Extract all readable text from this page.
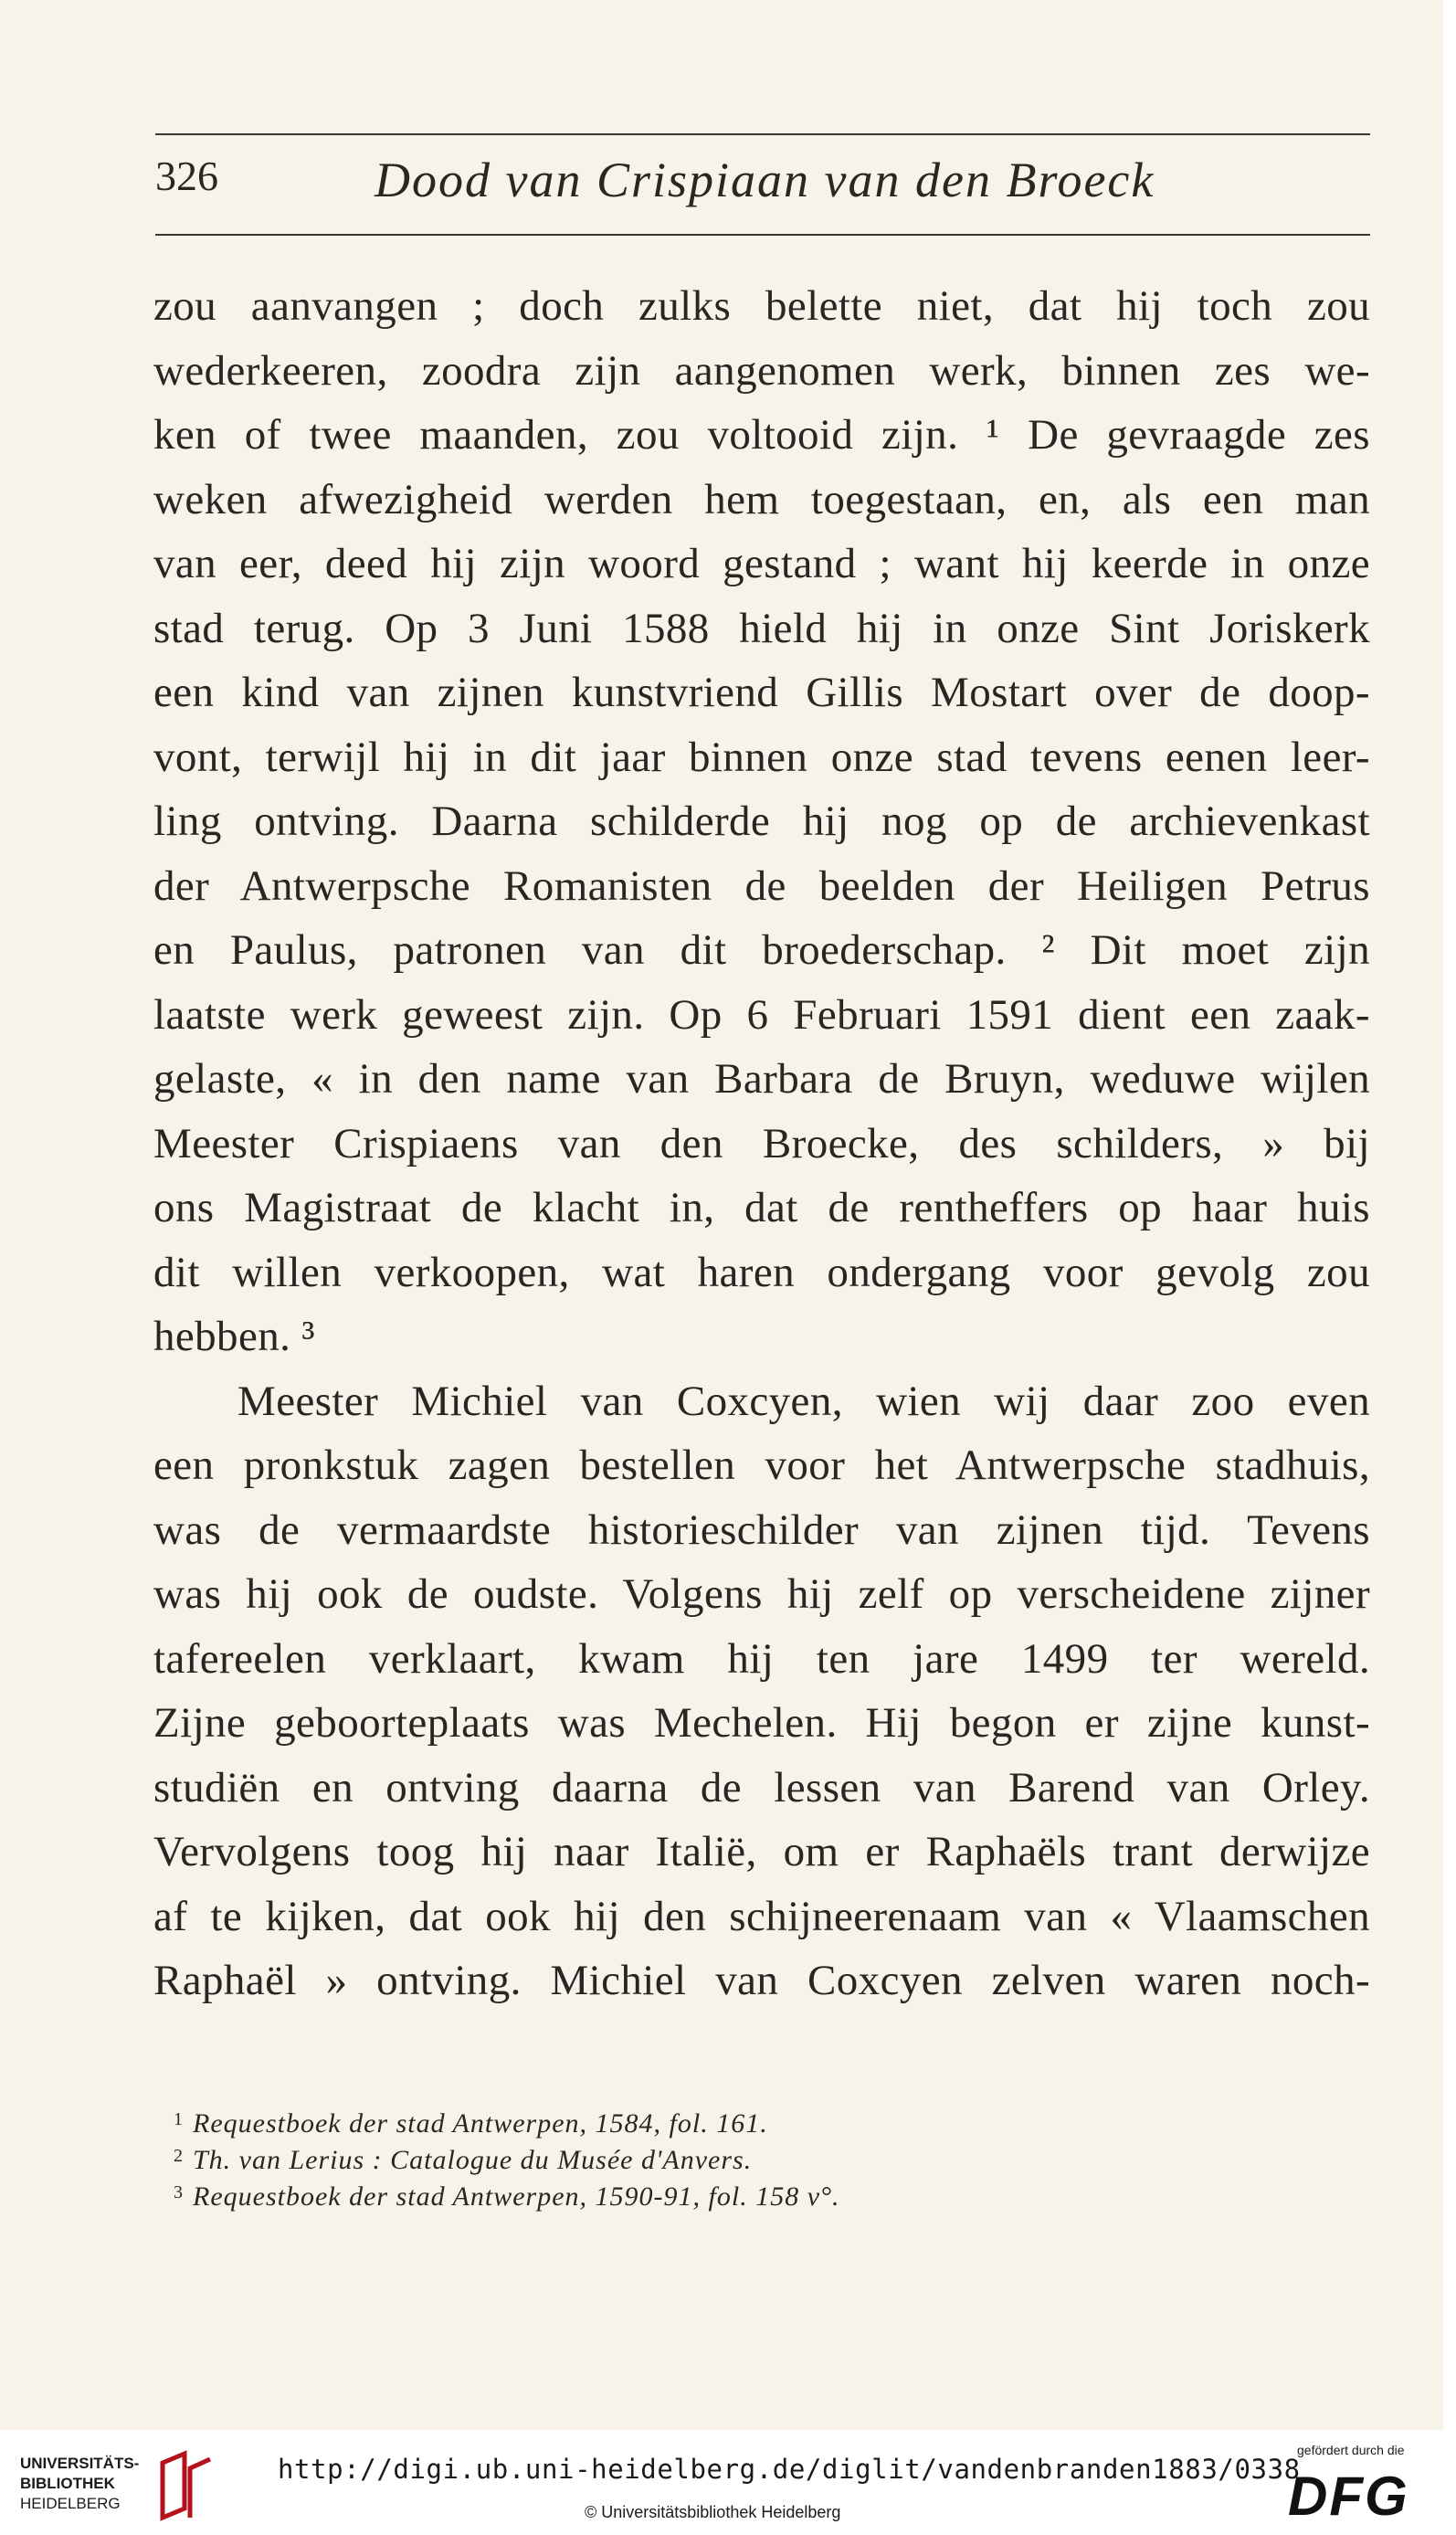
326	Dood van Crispiaan van den Broeck
zou aanvangen ; doch zulks belette niet, dat hij toch zou
wederkeeren, zoodra zijn aangenomen werk, binnen zes we-
ken of twee maanden, zou voltooid zijn. ¹ De gevraagde zes
weken afwezigheid werden hem toegestaan, en, als een man
van eer, deed hij zijn woord gestand ; want hij keerde in onze
stad terug. Op 3 Juni 1588 hield hij in onze Sint Joriskerk
een kind van zijnen kunstvriend Gillis Mostart over de doop-
vont, terwijl hij in dit jaar binnen onze stad tevens eenen leer-
ling ontving. Daarna schilderde hij nog op de archievenkast
der Antwerpsche Romanisten de beelden der Heiligen Petrus
en Paulus, patronen van dit broederschap. ² Dit moet zijn
laatste werk geweest zijn. Op 6 Februari 1591 dient een zaak-
gelaste, « in den name van Barbara de Bruyn, weduwe wijlen
Meester Crispiaens van den Broecke, des schilders, » bij
ons Magistraat de klacht in, dat de rentheffers op haar huis
dit willen verkoopen, wat haren ondergang voor gevolg zou
hebben. ³
Meester Michiel van Coxcyen, wien wij daar zoo even
een pronkstuk zagen bestellen voor het Antwerpsche stadhuis,
was de vermaardste historieschilder van zijnen tijd. Tevens
was hij ook de oudste. Volgens hij zelf op verscheidene zijner
tafereelen verklaart, kwam hij ten jare 1499 ter wereld.
Zijne geboorteplaats was Mechelen. Hij begon er zijne kunst-
studiën en ontving daarna de lessen van Barend van Orley.
Vervolgens toog hij naar Italië, om er Raphaëls trant derwijze
af te kijken, dat ook hij den schijneerenaam van « Vlaamschen
Raphaël » ontving. Michiel van Coxcyen zelven waren noch-
$^1$ Requestboek der stad Antwerpen, 1584, fol. 161.
$^2$ Th. van Lerius : Catalogue du Musée d'Anvers.
$^3$ Requestboek der stad Antwerpen, 1590-91, fol. 158 v°.
UNIVERSITÄTS-
BIBLIOTHEK
HEIDELBERG
http://digi.ub.uni-heidelberg.de/diglit/vandenbranden1883/0338
© Universitätsbibliothek Heidelberg
gefördert durch die
DFG
